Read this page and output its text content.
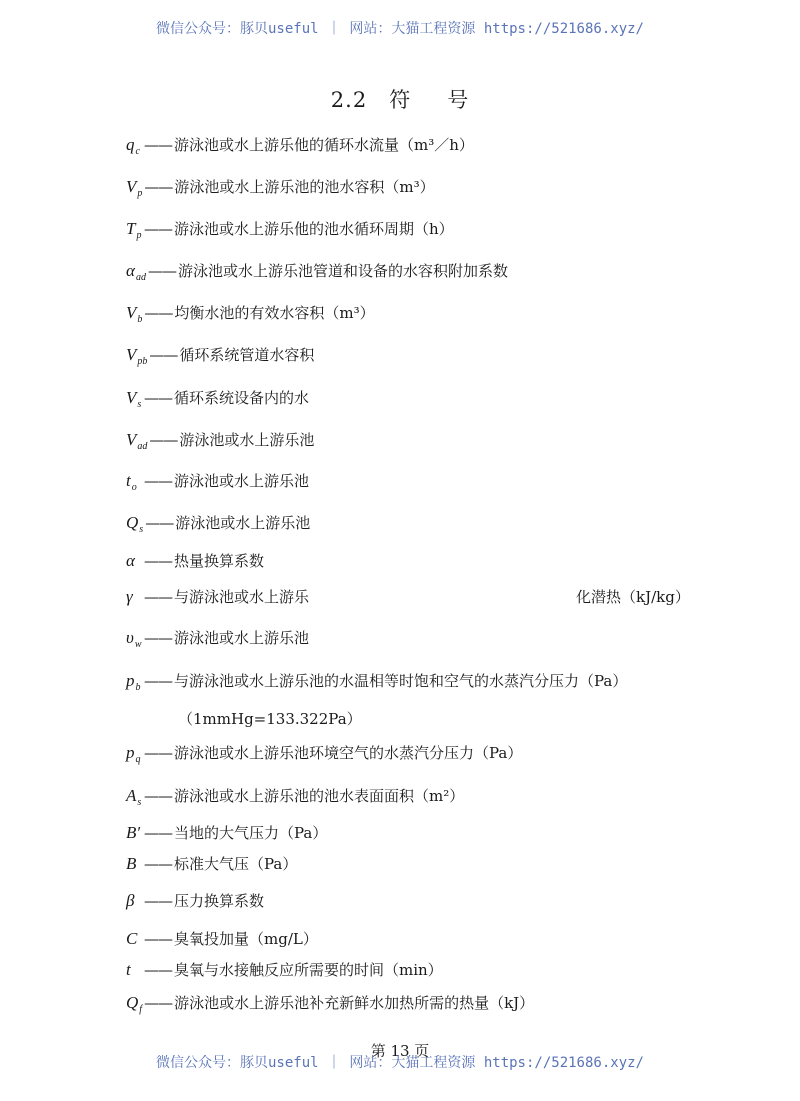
微信公众号：豚贝useful ｜ 网站：大猫工程资源 https://521686.xyz/
2.2 符 号
$q_c$ —— 游泳池或水上游乐他的循环水流量（m³／h）
$V_p$ —— 游泳池或水上游乐池的池水容积（m³）
$T_p$ —— 游泳池或水上游乐他的池水循环周期（h）
$\alpha_{ad}$ —— 游泳池或水上游乐池管道和设备的水容积附加系数
$V_b$ —— 均衡水池的有效水容积（m³）
$V_{pb}$ —— 循环系统管道水容积
$V_s$ —— 循环系统设备内的水
$V_{ad}$ —— 游泳池或水上游乐池
$t_o$ —— 游泳池或水上游乐池
$Q_s$ —— 游泳池或水上游乐池
α —— 热量换算系数
γ —— 与游泳池或水上游乐	化潜热（kJ/kg）
$\upsilon_w$ —— 游泳池或水上游乐池
$p_b$ —— 与游泳池或水上游乐池的水温相等时饱和空气的水蒸汽分压力（Pa）
（1mmHg=133.322Pa）
$p_q$ —— 游泳池或水上游乐池环境空气的水蒸汽分压力（Pa）
$A_s$ —— 游泳池或水上游乐池的池水表面面积（m²）
B′ —— 当地的大气压力（Pa）
B —— 标准大气压（Pa）
β —— 压力换算系数
C —— 臭氧投加量（mg/L）
t —— 臭氧与水接触反应所需要的时间（min）
$Q_f$ —— 游泳池或水上游乐池补充新鲜水加热所需的热量（kJ）
第 13 页
微信公众号：豚贝useful ｜ 网站：大猫工程资源 https://521686.xyz/
